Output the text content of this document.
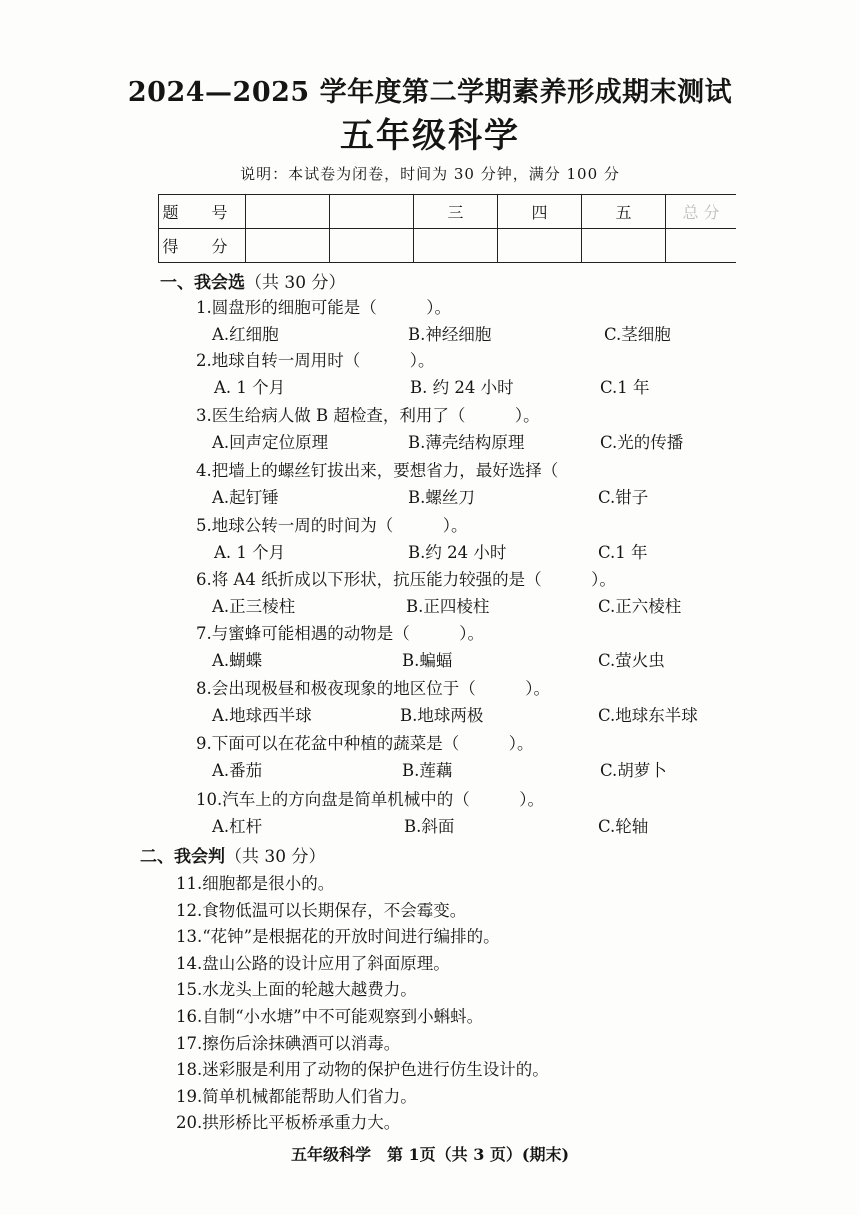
2024—2025 学年度第二学期素养形成期末测试
五年级科学
说明：本试卷为闭卷，时间为 30 分钟，满分 100 分
题 号			三	四	五	总 分
得 分						
一、我会选（共 30 分）
1.圆盘形的细胞可能是（　　　）。
A.红细胞	B.神经细胞	C.茎细胞
2.地球自转一周用时（　　　）。
A. 1 个月	B. 约 24 小时	C.1 年
3.医生给病人做 B 超检查，利用了（　　　）。
A.回声定位原理	B.薄壳结构原理	C.光的传播
4.把墙上的螺丝钉拔出来，要想省力，最好选择（
A.起钉锤	B.螺丝刀	C.钳子
5.地球公转一周的时间为（　　　）。
A. 1 个月	B.约 24 小时	C.1 年
6.将 A4 纸折成以下形状，抗压能力较强的是（　　　）。
A.正三棱柱	B.正四棱柱	C.正六棱柱
7.与蜜蜂可能相遇的动物是（　　　）。
A.蝴蝶	B.蝙蝠	C.萤火虫
8.会出现极昼和极夜现象的地区位于（　　　）。
A.地球西半球	B.地球两极	C.地球东半球
9.下面可以在花盆中种植的蔬菜是（　　　）。
A.番茄	B.莲藕	C.胡萝卜
10.汽车上的方向盘是简单机械中的（　　　）。
A.杠杆	B.斜面	C.轮轴
二、我会判（共 30 分）
11.细胞都是很小的。
12.食物低温可以长期保存，不会霉变。
13.“花钟”是根据花的开放时间进行编排的。
14.盘山公路的设计应用了斜面原理。
15.水龙头上面的轮越大越费力。
16.自制“小水塘”中不可能观察到小蝌蚪。
17.擦伤后涂抹碘酒可以消毒。
18.迷彩服是利用了动物的保护色进行仿生设计的。
19.简单机械都能帮助人们省力。
20.拱形桥比平板桥承重力大。
五年级科学　第 1页（共 3 页）(期末)
